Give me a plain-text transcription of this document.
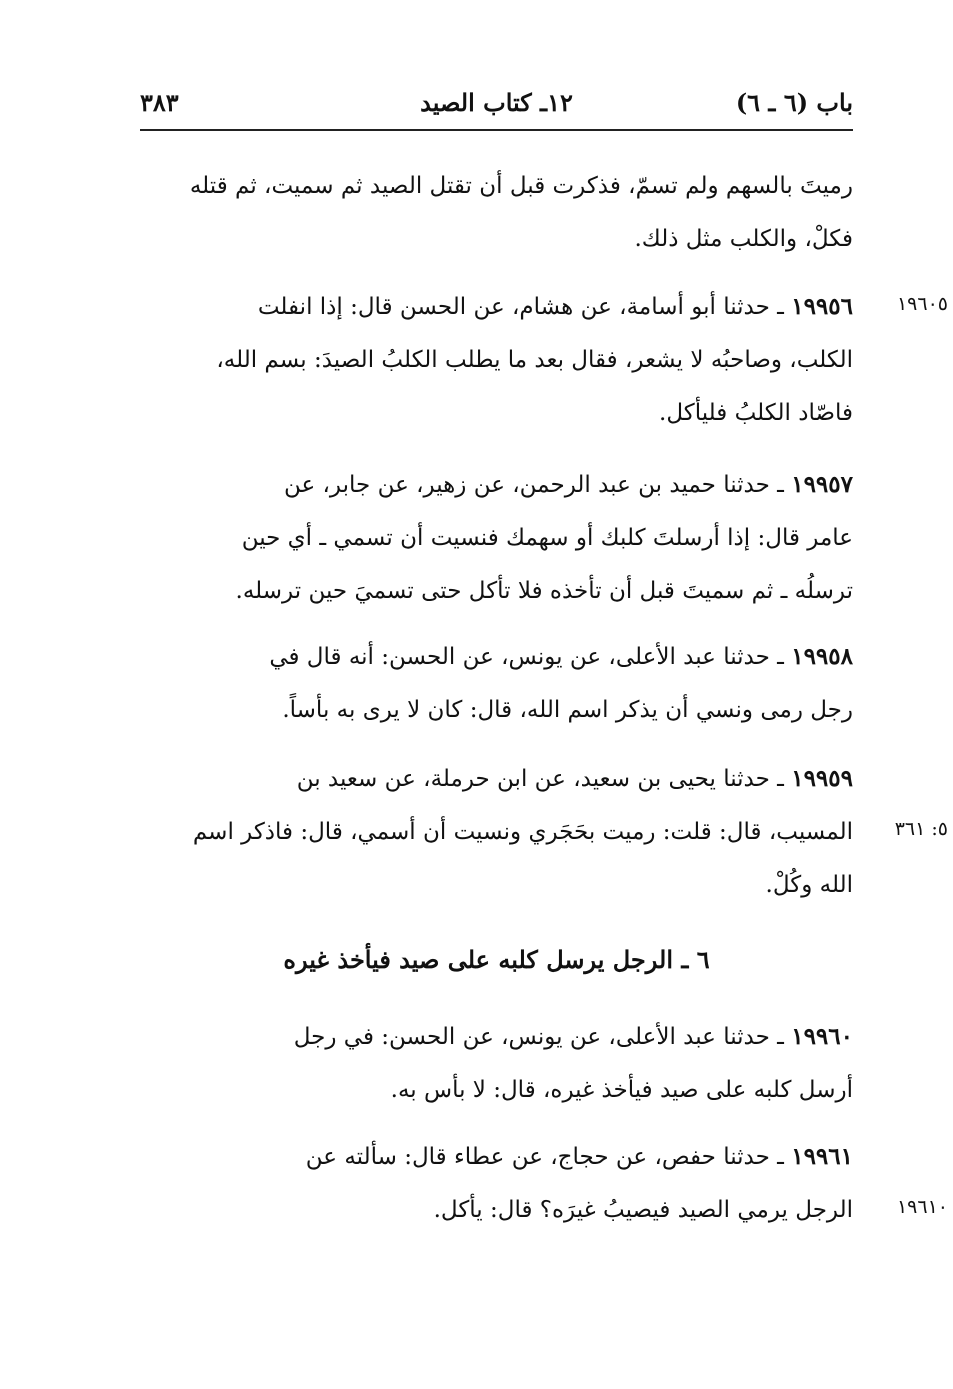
٣٨٣	١٢ـ كتاب الصيد	باب (٦ ـ ٦)
رميتَ بالسهم ولم تسمّ، فذكرت قبل أن تقتل الصيد ثم سميت، ثم قتله
فكلْ، والكلب مثل ذلك.
١٩٩٥٦ ـ حدثنا أبو أسامة، عن هشام، عن الحسن قال: إذا انفلت
الكلب، وصاحبُه لا يشعر، فقال بعد ما يطلب الكلبُ الصيدَ: بسم الله،
فاصّاد الكلبُ فليأكل.
١٩٩٥٧ ـ حدثنا حميد بن عبد الرحمن، عن زهير، عن جابر، عن
عامر قال: إذا أرسلتَ كلبك أو سهمك فنسيت أن تسمي ـ أي حين
ترسلُه ـ ثم سميتَ قبل أن تأخذه فلا تأكل حتى تسميَ حين ترسله.
١٩٩٥٨ ـ حدثنا عبد الأعلى، عن يونس، عن الحسن: أنه قال في
رجل رمى ونسي أن يذكر اسم الله، قال: كان لا يرى به بأساً.
١٩٩٥٩ ـ حدثنا يحيى بن سعيد، عن ابن حرملة، عن سعيد بن
المسيب، قال: قلت: رميت بحَجَري ونسيت أن أسمي، قال: فاذكر اسم
الله وكُلْ.
٦ ـ الرجل يرسل كلبه على صيد فيأخذ غيره
١٩٩٦٠ ـ حدثنا عبد الأعلى، عن يونس، عن الحسن: في رجل
أرسل كلبه على صيد فيأخذ غيره، قال: لا بأس به.
١٩٩٦١ ـ حدثنا حفص، عن حجاج، عن عطاء قال: سألته عن
الرجل يرمي الصيد فيصيبُ غيرَه؟ قال: يأكل.
١٩٦٠٥
٥: ٣٦١
١٩٦١٠
